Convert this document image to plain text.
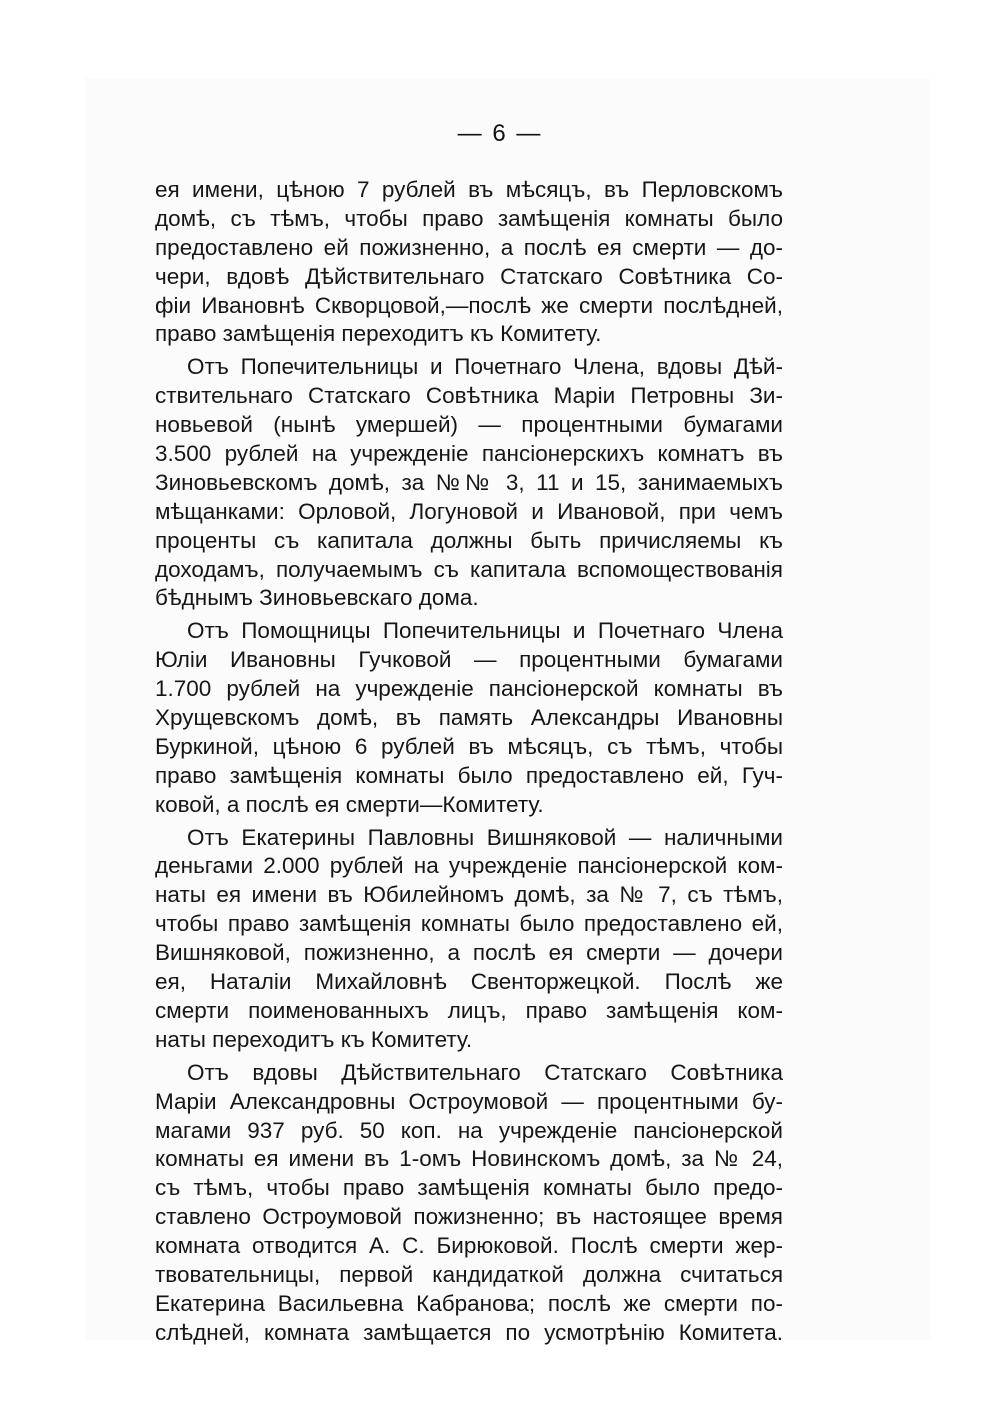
— 6 —
ея имени, цѣною 7 рублей въ мѣсяцъ, въ Перловскомъ
домѣ, съ тѣмъ, чтобы право замѣщенія комнаты было
предоставлено ей пожизненно, а послѣ ея смерти — до-
чери, вдовѣ Дѣйствительнаго Статскаго Совѣтника Со-
фіи Ивановнѣ Скворцовой,—послѣ же смерти послѣдней,
право замѣщенія переходитъ къ Комитету.
Отъ Попечительницы и Почетнаго Члена, вдовы Дѣй-
ствительнаго Статскаго Совѣтника Маріи Петровны Зи-
новьевой (нынѣ умершей) — процентными бумагами
3.500 рублей на учрежденіе пансіонерскихъ комнатъ въ
Зиновьевскомъ домѣ, за №№ 3, 11 и 15, занимаемыхъ
мѣщанками: Орловой, Логуновой и Ивановой, при чемъ
проценты съ капитала должны быть причисляемы къ
доходамъ, получаемымъ съ капитала вспомоществованія
бѣднымъ Зиновьевскаго дома.
Отъ Помощницы Попечительницы и Почетнаго Члена
Юліи Ивановны Гучковой — процентными бумагами
1.700 рублей на учрежденіе пансіонерской комнаты въ
Хрущевскомъ домѣ, въ память Александры Ивановны
Буркиной, цѣною 6 рублей въ мѣсяцъ, съ тѣмъ, чтобы
право замѣщенія комнаты было предоставлено ей, Гуч-
ковой, а послѣ ея смерти—Комитету.
Отъ Екатерины Павловны Вишняковой — наличными
деньгами 2.000 рублей на учрежденіе пансіонерской ком-
наты ея имени въ Юбилейномъ домѣ, за № 7, съ тѣмъ,
чтобы право замѣщенія комнаты было предоставлено ей,
Вишняковой, пожизненно, а послѣ ея смерти — дочери
ея, Наталіи Михайловнѣ Свенторжецкой. Послѣ же
смерти поименованныхъ лицъ, право замѣщенія ком-
наты переходитъ къ Комитету.
Отъ вдовы Дѣйствительнаго Статскаго Совѣтника
Маріи Александровны Остроумовой — процентными бу-
магами 937 руб. 50 коп. на учрежденіе пансіонерской
комнаты ея имени въ 1-омъ Новинскомъ домѣ, за № 24,
съ тѣмъ, чтобы право замѣщенія комнаты было предо-
ставлено Остроумовой пожизненно; въ настоящее время
комната отводится А. С. Бирюковой. Послѣ смерти жер-
твовательницы, первой кандидаткой должна считаться
Екатерина Васильевна Кабранова; послѣ же смерти по-
слѣдней, комната замѣщается по усмотрѣнію Комитета.
